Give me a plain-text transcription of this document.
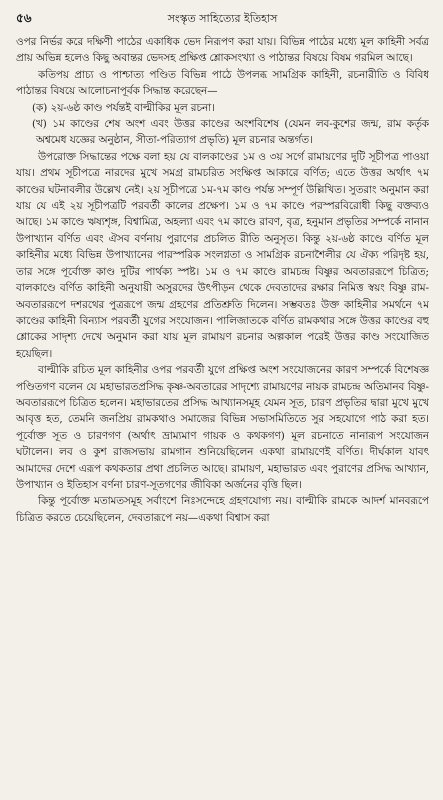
৫৬	সংস্কৃত সাহিত্যের ইতিহাস

ওপর নির্ভর করে দক্ষিণী পাঠের একাধিক ভেদ নিরূপণ করা যায়। বিভিন্ন পাঠের মধ্যে মূল কাহিনী সর্বত্র প্রায় অভিন্ন হলেও কিছু অবান্তর ভেদসহ প্রক্ষিপ্ত শ্লোকসংখ্যা ও পাঠান্তর বিষয়ে বিষম গরমিল আছে।

কতিপয় প্রাচ্য ও পাশ্চাত্য পণ্ডিত বিভিন্ন পাঠে উপলব্ধ সামগ্রিক কাহিনী, রচনারীতি ও বিবিধ পাঠান্তর বিষয়ে আলোচনাপূর্বক সিদ্ধান্ত করেছেন—

(ক) ২য়-৬ষ্ঠ কাণ্ড পর্যন্তই বাল্মীকির মূল রচনা।

(খ) ১ম কাণ্ডের শেষ অংশ এবং উত্তর কাণ্ডের অংশবিশেষ (যেমন লব-কুশের জন্ম, রাম কর্তৃক অশ্বমেধ যজ্ঞের অনুষ্ঠান, সীতা-পরিত্যাগ প্রভৃতি) মূল রচনার অন্তর্গত।

উপরোক্ত সিদ্ধান্তের পক্ষে বলা হয় যে বালকাণ্ডের ১ম ও ৩য় সর্গে রামায়ণের দুটি সূচীপত্র পাওয়া যায়। প্রথম সূচীপত্রে নারদের মুখে সমগ্র রামচরিত সংক্ষিপ্ত আকারে বর্ণিত; এতে উত্তর অর্থাৎ ৭ম কাণ্ডের ঘটনাবলীর উল্লেখ নেই। ২য় সূচীপত্রে ১ম-৭ম কাণ্ড পর্যন্ত সম্পূর্ণ উল্লিখিত। সুতরাং অনুমান করা যায় যে এই ২য় সূচীপত্রটি পরবর্তী কালের প্রক্ষেপ। ১ম ও ৭ম কাণ্ডে পরস্পরবিরোধী কিছু বক্তব্যও আছে। ১ম কাণ্ডে ঋষ্যশৃঙ্গ, বিশ্বামিত্র, অহল্যা এবং ৭ম কাণ্ডে রাবণ, বৃত্র, হনুমান প্রভৃতির সম্পর্কে নানান উপাখ্যান বর্ণিত এবং ঐসব বর্ণনায় পুরাণের প্রচলিত রীতি অনুসৃত। কিন্তু ২য়-৬ষ্ঠ কাণ্ডে বর্ণিত মূল কাহিনীর মধ্যে বিভিন্ন উপাখ্যানের পারস্পরিক সংলগ্নতা ও সামগ্রিক রচনাশৈলীর যে ঐক্য পরিদৃষ্ট হয়, তার সঙ্গে পূর্বোক্ত কাণ্ড দুটির পার্থক্য স্পষ্ট। ১ম ও ৭ম কাণ্ডে রামচন্দ্র বিষ্ণুর অবতাররূপে চিত্রিত; বালকাণ্ডে বর্ণিত কাহিনী অনুযায়ী অসুরদের উৎপীড়ন থেকে দেবতাদের রক্ষার নিমিত্ত স্বয়ং বিষ্ণু রাম-অবতাররূপে দশরথের পুত্ররূপে জন্ম গ্রহণের প্রতিশ্রুতি দিলেন। সম্ভবতঃ উক্ত কাহিনীর সমর্থনে ৭ম কাণ্ডের কাহিনী বিন্যাস পরবর্তী যুগের সংযোজন। পালিজাতকে বর্ণিত রামকথার সঙ্গে উত্তর কাণ্ডের বহু শ্লোকের সাদৃশ্য দেখে অনুমান করা যায় মূল রামায়ণ রচনার অল্পকাল পরেই উত্তর কাণ্ড সংযোজিত হয়েছিল।

বাল্মীকি রচিত মূল কাহিনীর ওপর পরবর্তী যুগে প্রক্ষিপ্ত অংশ সংযোজনের কারণ সম্পর্কে বিশেষজ্ঞ পণ্ডিতগণ বলেন যে মহাভারতপ্রসিদ্ধ কৃষ্ণ-অবতারের সাদৃশ্যে রামায়ণের নায়ক রামচন্দ্র অতিমানব বিষ্ণু-অবতাররূপে চিত্রিত হলেন। মহাভারতের প্রসিদ্ধ আখ্যানসমূহ যেমন সূত, চারণ প্রভৃতির দ্বারা মুখে মুখে আবৃত্ত হত, তেমনি জনপ্রিয় রামকথাও সমাজের বিভিন্ন সভাসমিতিতে সুর সহযোগে পাঠ করা হত। পূর্বোক্ত সূত ও চারণগণ (অর্থাৎ ভ্রাম্যমাণ গায়ক ও কথকগণ) মূল রচনাতে নানারূপ সংযোজন ঘটালেন। লব ও কুশ রাজসভায় রামগান শুনিয়েছিলেন একথা রামায়ণেই বর্ণিত। দীর্ঘকাল যাবৎ আমাদের দেশে এরূপ কথকতার প্রথা প্রচলিত আছে। রামায়ণ, মহাভারত এবং পুরাণের প্রসিদ্ধ আখ্যান, উপাখ্যান ও ইতিহাস বর্ণনা চারণ-সূতগণের জীবিকা অর্জনের বৃত্তি ছিল।

কিন্তু পূর্বোক্ত মতামতসমূহ সর্বাংশে নিঃসন্দেহে গ্রহণযোগ্য নয়। বাল্মীকি রামকে আদর্শ মানবরূপে চিত্রিত করতে চেয়েছিলেন, দেবতারূপে নয়—একথা বিশ্বাস করা
